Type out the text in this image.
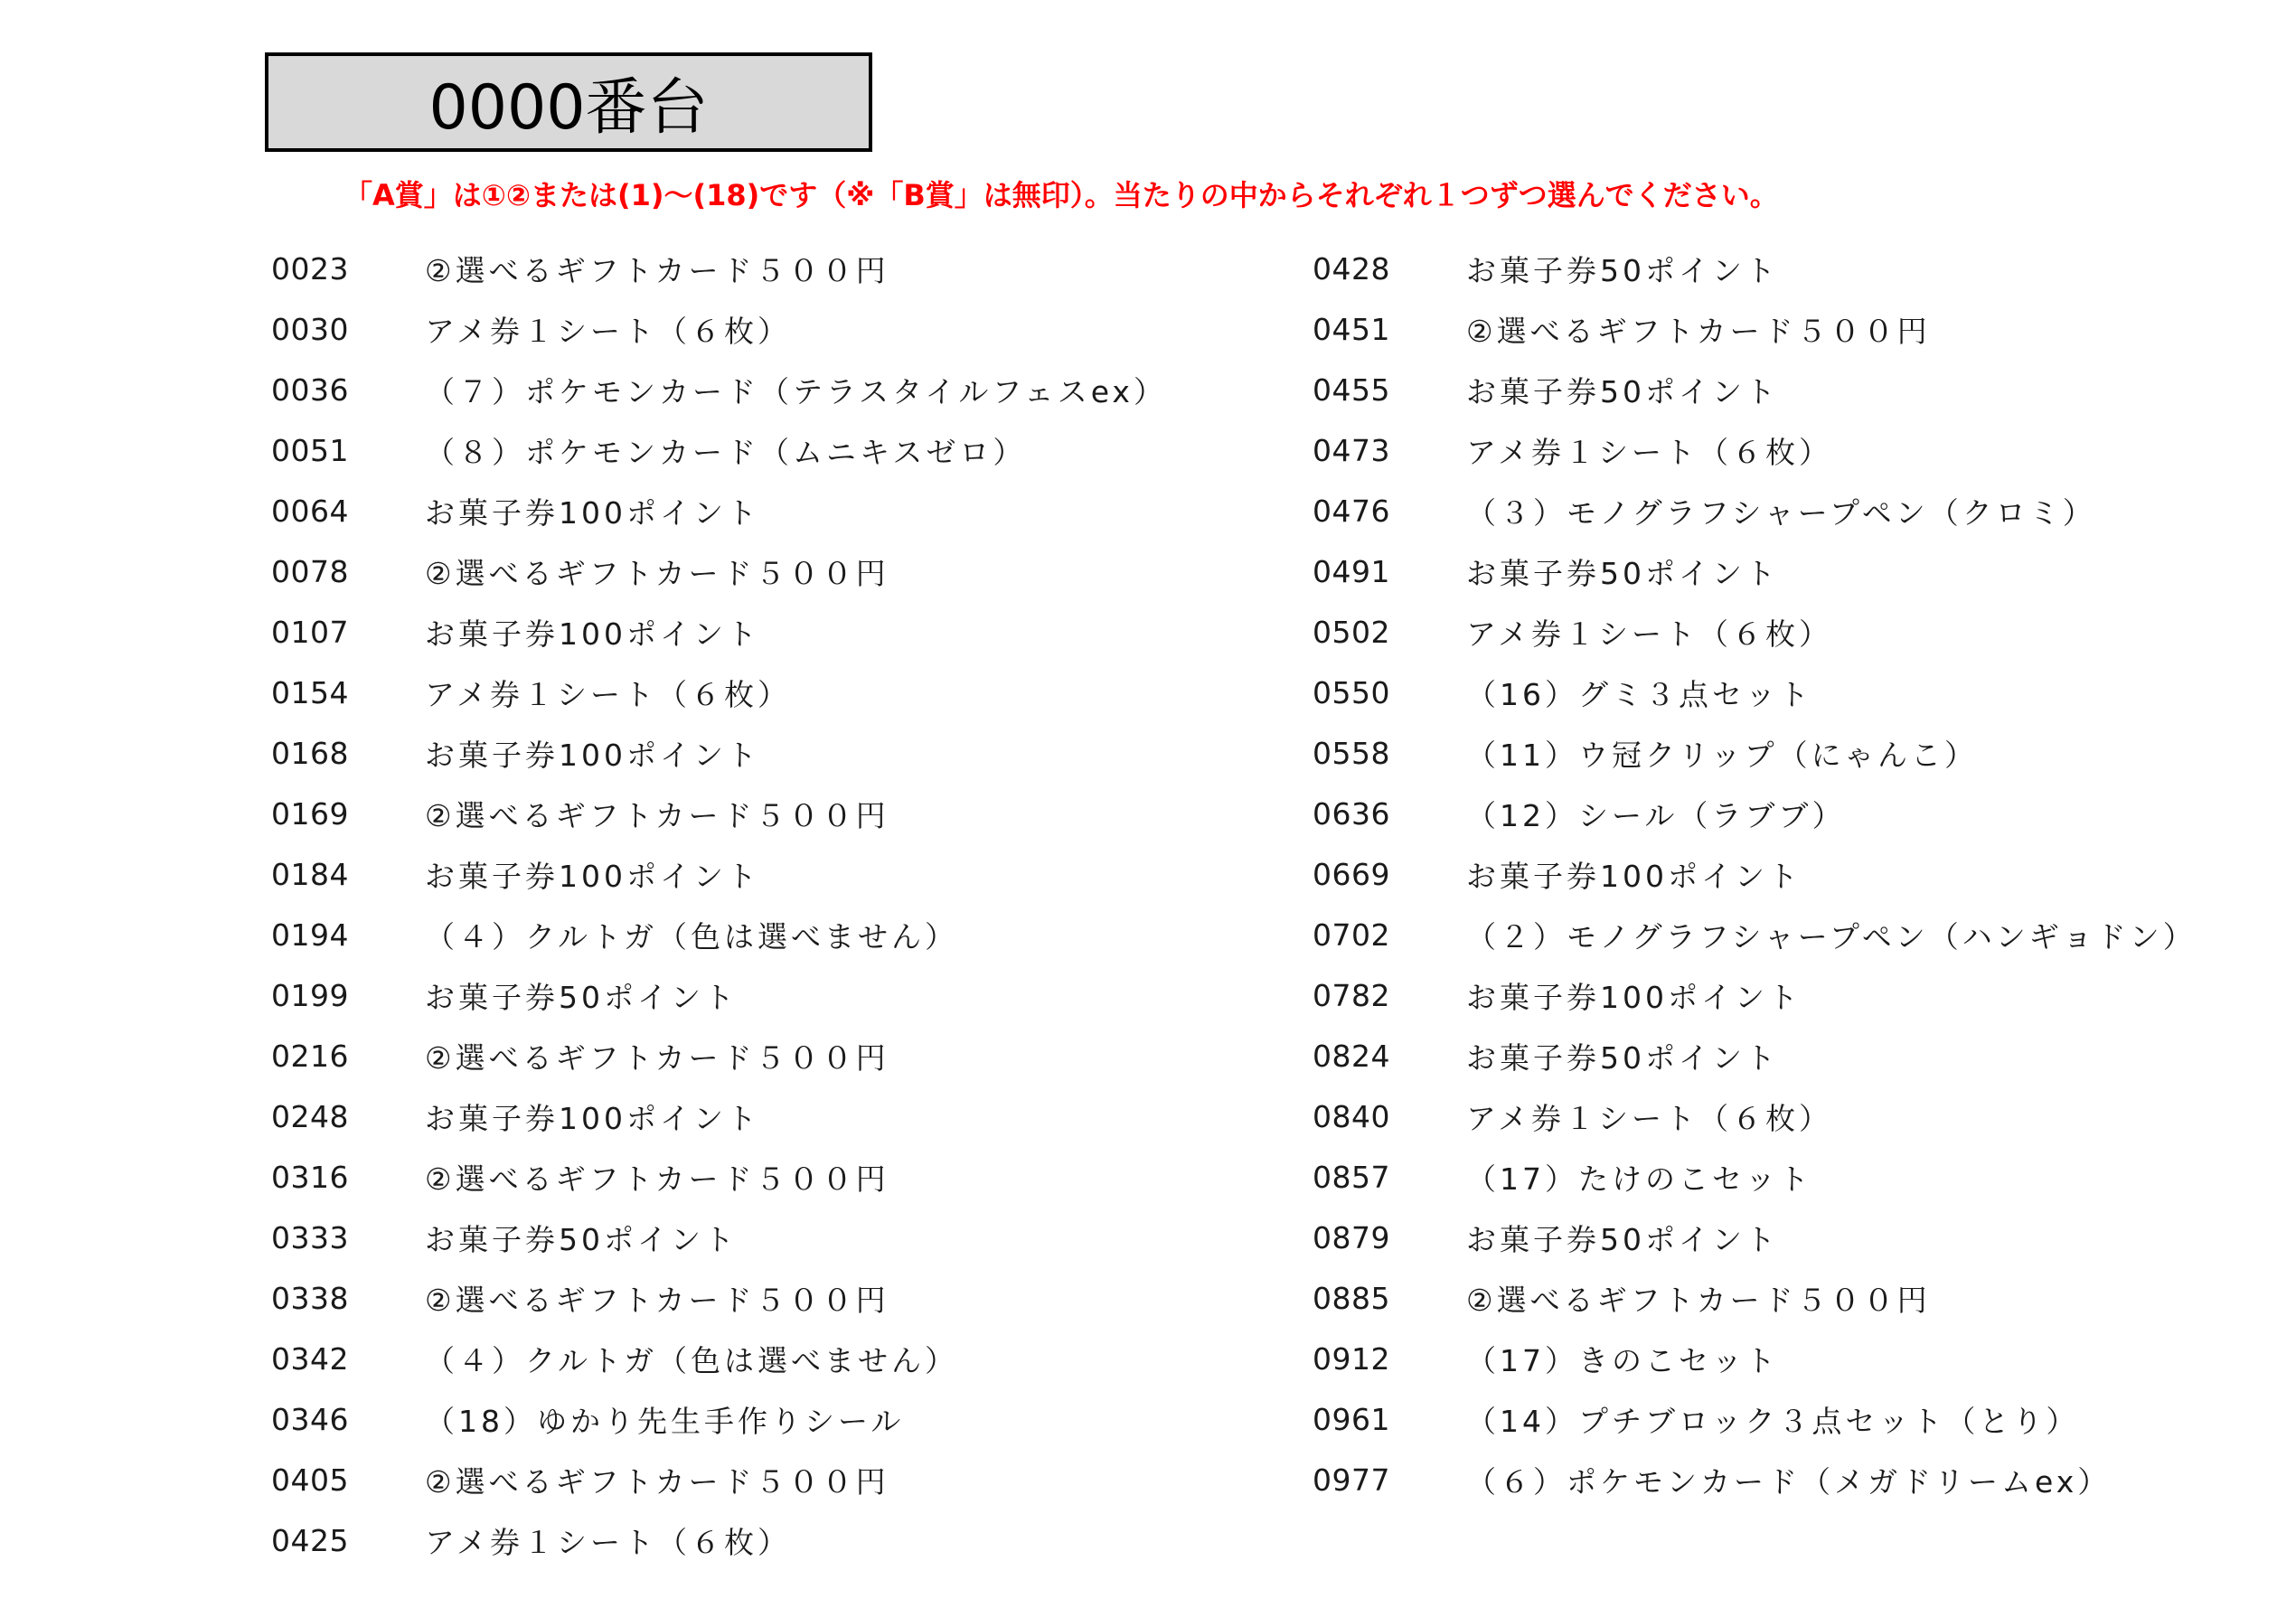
0000番台
「A賞」は①②または(1)～(18)です（※「B賞」は無印）。当たりの中からそれぞれ１つずつ選んでください。
0023	②選べるギフトカード５００円
0030	アメ券１シート（６枚）
0036	（７）ポケモンカード（テラスタイルフェスex）
0051	（８）ポケモンカード（ムニキスゼロ）
0064	お菓子券100ポイント
0078	②選べるギフトカード５００円
0107	お菓子券100ポイント
0154	アメ券１シート（６枚）
0168	お菓子券100ポイント
0169	②選べるギフトカード５００円
0184	お菓子券100ポイント
0194	（４）クルトガ（色は選べません）
0199	お菓子券50ポイント
0216	②選べるギフトカード５００円
0248	お菓子券100ポイント
0316	②選べるギフトカード５００円
0333	お菓子券50ポイント
0338	②選べるギフトカード５００円
0342	（４）クルトガ（色は選べません）
0346	（18）ゆかり先生手作りシール
0405	②選べるギフトカード５００円
0425	アメ券１シート（６枚）
0428	お菓子券50ポイント
0451	②選べるギフトカード５００円
0455	お菓子券50ポイント
0473	アメ券１シート（６枚）
0476	（３）モノグラフシャープペン（クロミ）
0491	お菓子券50ポイント
0502	アメ券１シート（６枚）
0550	（16）グミ３点セット
0558	（11）ウ冠クリップ（にゃんこ）
0636	（12）シール（ラブブ）
0669	お菓子券100ポイント
0702	（２）モノグラフシャープペン（ハンギョドン）
0782	お菓子券100ポイント
0824	お菓子券50ポイント
0840	アメ券１シート（６枚）
0857	（17）たけのこセット
0879	お菓子券50ポイント
0885	②選べるギフトカード５００円
0912	（17）きのこセット
0961	（14）プチブロック３点セット（とり）
0977	（６）ポケモンカード（メガドリームex）
